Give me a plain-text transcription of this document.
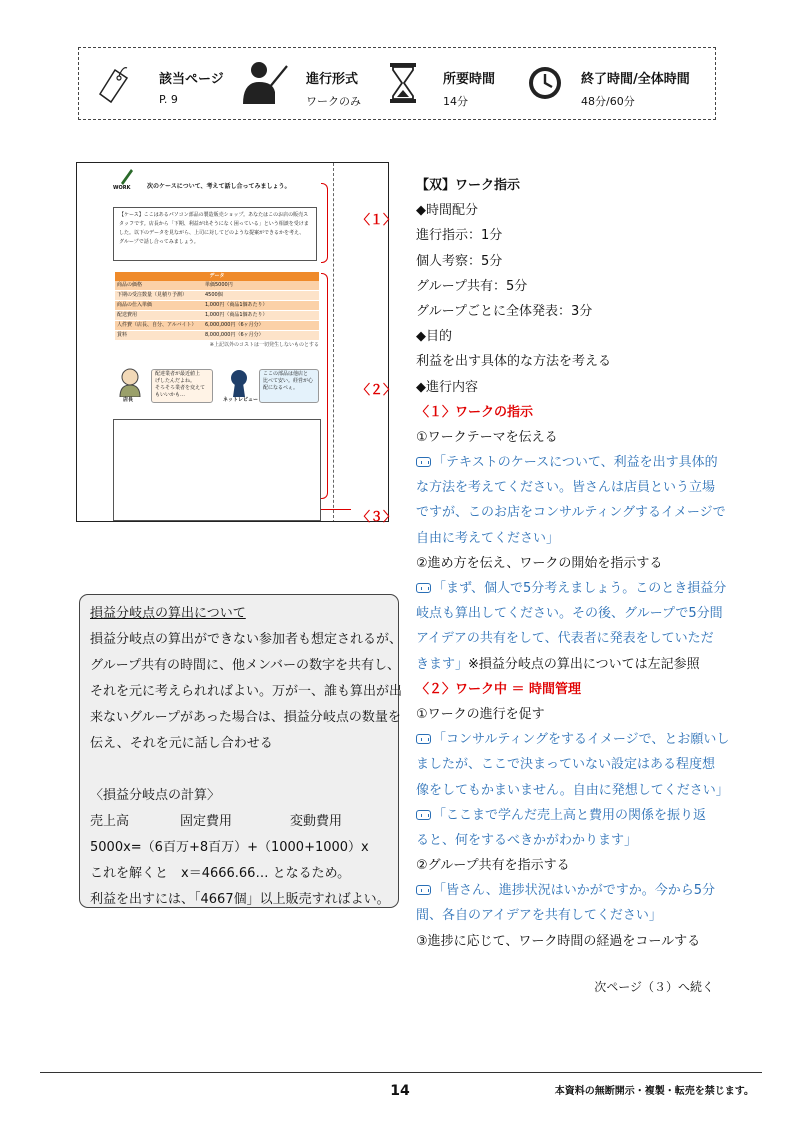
該当ページ
P. 9
進行形式
ワークのみ
所要時間
14分
終了時間/全体時間
48分/60分
WORK	次のケースについて、考えて話し合ってみましょう。
【ケース】ここはあるパソコン部品の製造販売ショップ。あなたはこのお店の販売ス
タッフです。店長から「下期、利益が出そうになく困っている」という相談を受けま
した。以下のデータを見ながら、上司に対してどのような提案ができるかを考え、
グループで話し合ってみましょう。
データ
商品の価格	単価5000円
下期の受注数量（見積り予測）	4500個
商品の仕入単価	1,000円（商品1個あたり）
配送費用	1,000円（商品1個あたり）
人件費（店長、自分、アルバイト）	6,000,000円（6ヶ月分）
賃料	8,000,000円（6ヶ月分）
※上記以外のコストは一切発生しないものとする
店長
配達業者が最近値上
げしたんだよね。
そろそろ業者を変えて
もいいかも…
ネットレビュー
ここの部品は他店と
比べて安い。経営が心
配になるぺぇ。
〈１〉
〈２〉
〈３〉
【双】ワーク指示
◆時間配分
進行指示：1分
個人考察：5分
グループ共有：5分
グループごとに全体発表：3分
◆目的
利益を出す具体的な方法を考える
◆進行内容
〈１〉ワークの指示
①ワークテーマを伝える
「テキストのケースについて、利益を出す具体的
な方法を考えてください。皆さんは店員という立場
ですが、このお店をコンサルティングするイメージで
自由に考えてください」
②進め方を伝え、ワークの開始を指示する
「まず、個人で5分考えましょう。このとき損益分
岐点も算出してください。その後、グループで5分間
アイデアの共有をして、代表者に発表をしていただ
きます」※損益分岐点の算出については左記参照
〈２〉ワーク中 ＝ 時間管理
①ワークの進行を促す
「コンサルティングをするイメージで、とお願いし
ましたが、ここで決まっていない設定はある程度想
像をしてもかまいません。自由に発想してください」
「ここまで学んだ売上高と費用の関係を振り返
ると、何をするべきかがわかります」
②グループ共有を指示する
「皆さん、進捗状況はいかがですか。今から5分
間、各自のアイデアを共有してください」
③進捗に応じて、ワーク時間の経過をコールする
損益分岐点の算出について
損益分岐点の算出ができない参加者も想定されるが、
グループ共有の時間に、他メンバーの数字を共有し、
それを元に考えられればよい。万が一、誰も算出が出
来ないグループがあった場合は、損益分岐点の数量を
伝え、それを元に話し合わせる
〈損益分岐点の計算〉
売上高	固定費用	変動費用
5000x=（6百万+8百万）+（1000+1000）x
これを解くと　x＝4666.66… となるため。
利益を出すには、「4667個」以上販売すればよい。
次ページ（３）へ続く
14	本資料の無断開示・複製・転売を禁じます。
